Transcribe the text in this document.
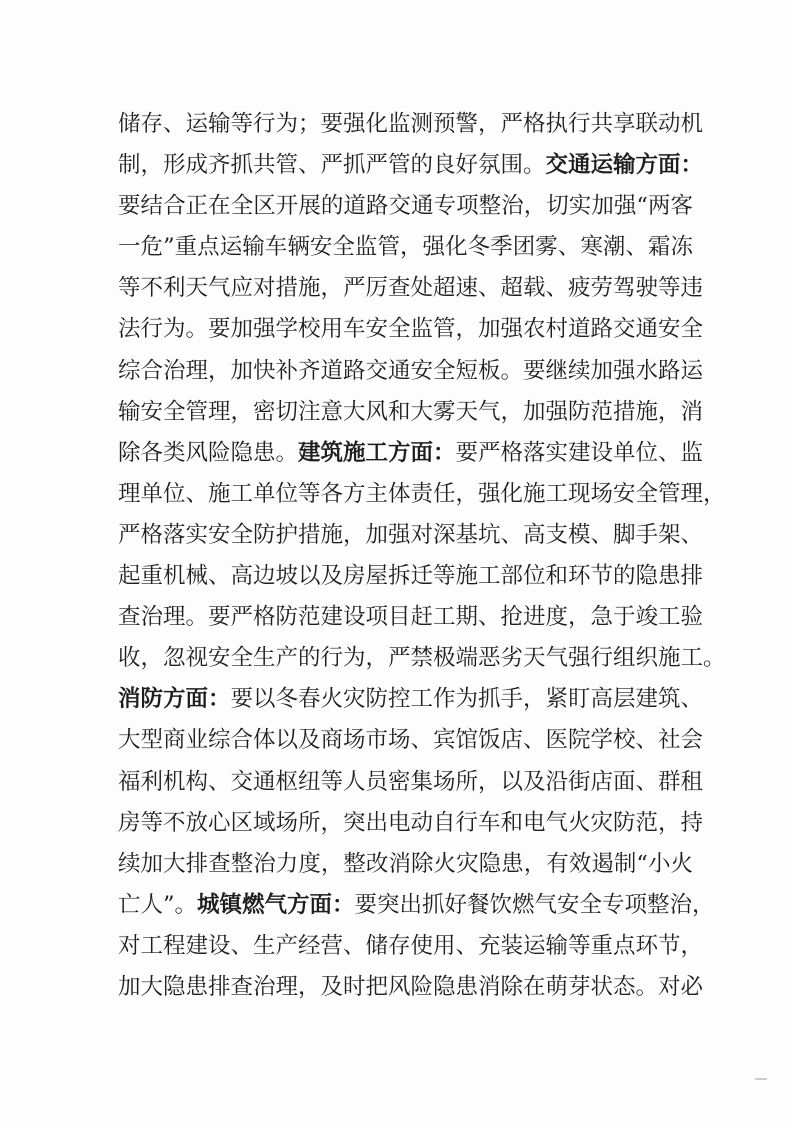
储存、运输等行为；要强化监测预警，严格执行共享联动机
制，形成齐抓共管、严抓严管的良好氛围。交通运输方面：
要结合正在全区开展的道路交通专项整治，切实加强“两客
一危”重点运输车辆安全监管，强化冬季团雾、寒潮、霜冻
等不利天气应对措施，严厉查处超速、超载、疲劳驾驶等违
法行为。要加强学校用车安全监管，加强农村道路交通安全
综合治理，加快补齐道路交通安全短板。要继续加强水路运
输安全管理，密切注意大风和大雾天气，加强防范措施，消
除各类风险隐患。建筑施工方面：要严格落实建设单位、监
理单位、施工单位等各方主体责任，强化施工现场安全管理，
严格落实安全防护措施，加强对深基坑、高支模、脚手架、
起重机械、高边坡以及房屋拆迁等施工部位和环节的隐患排
查治理。要严格防范建设项目赶工期、抢进度，急于竣工验
收，忽视安全生产的行为，严禁极端恶劣天气强行组织施工。
消防方面：要以冬春火灾防控工作为抓手，紧盯高层建筑、
大型商业综合体以及商场市场、宾馆饭店、医院学校、社会
福利机构、交通枢纽等人员密集场所，以及沿街店面、群租
房等不放心区域场所，突出电动自行车和电气火灾防范，持
续加大排查整治力度，整改消除火灾隐患，有效遏制“小火
亡人”。城镇燃气方面：要突出抓好餐饮燃气安全专项整治，
对工程建设、生产经营、储存使用、充装运输等重点环节，
加大隐患排查治理，及时把风险隐患消除在萌芽状态。对必
